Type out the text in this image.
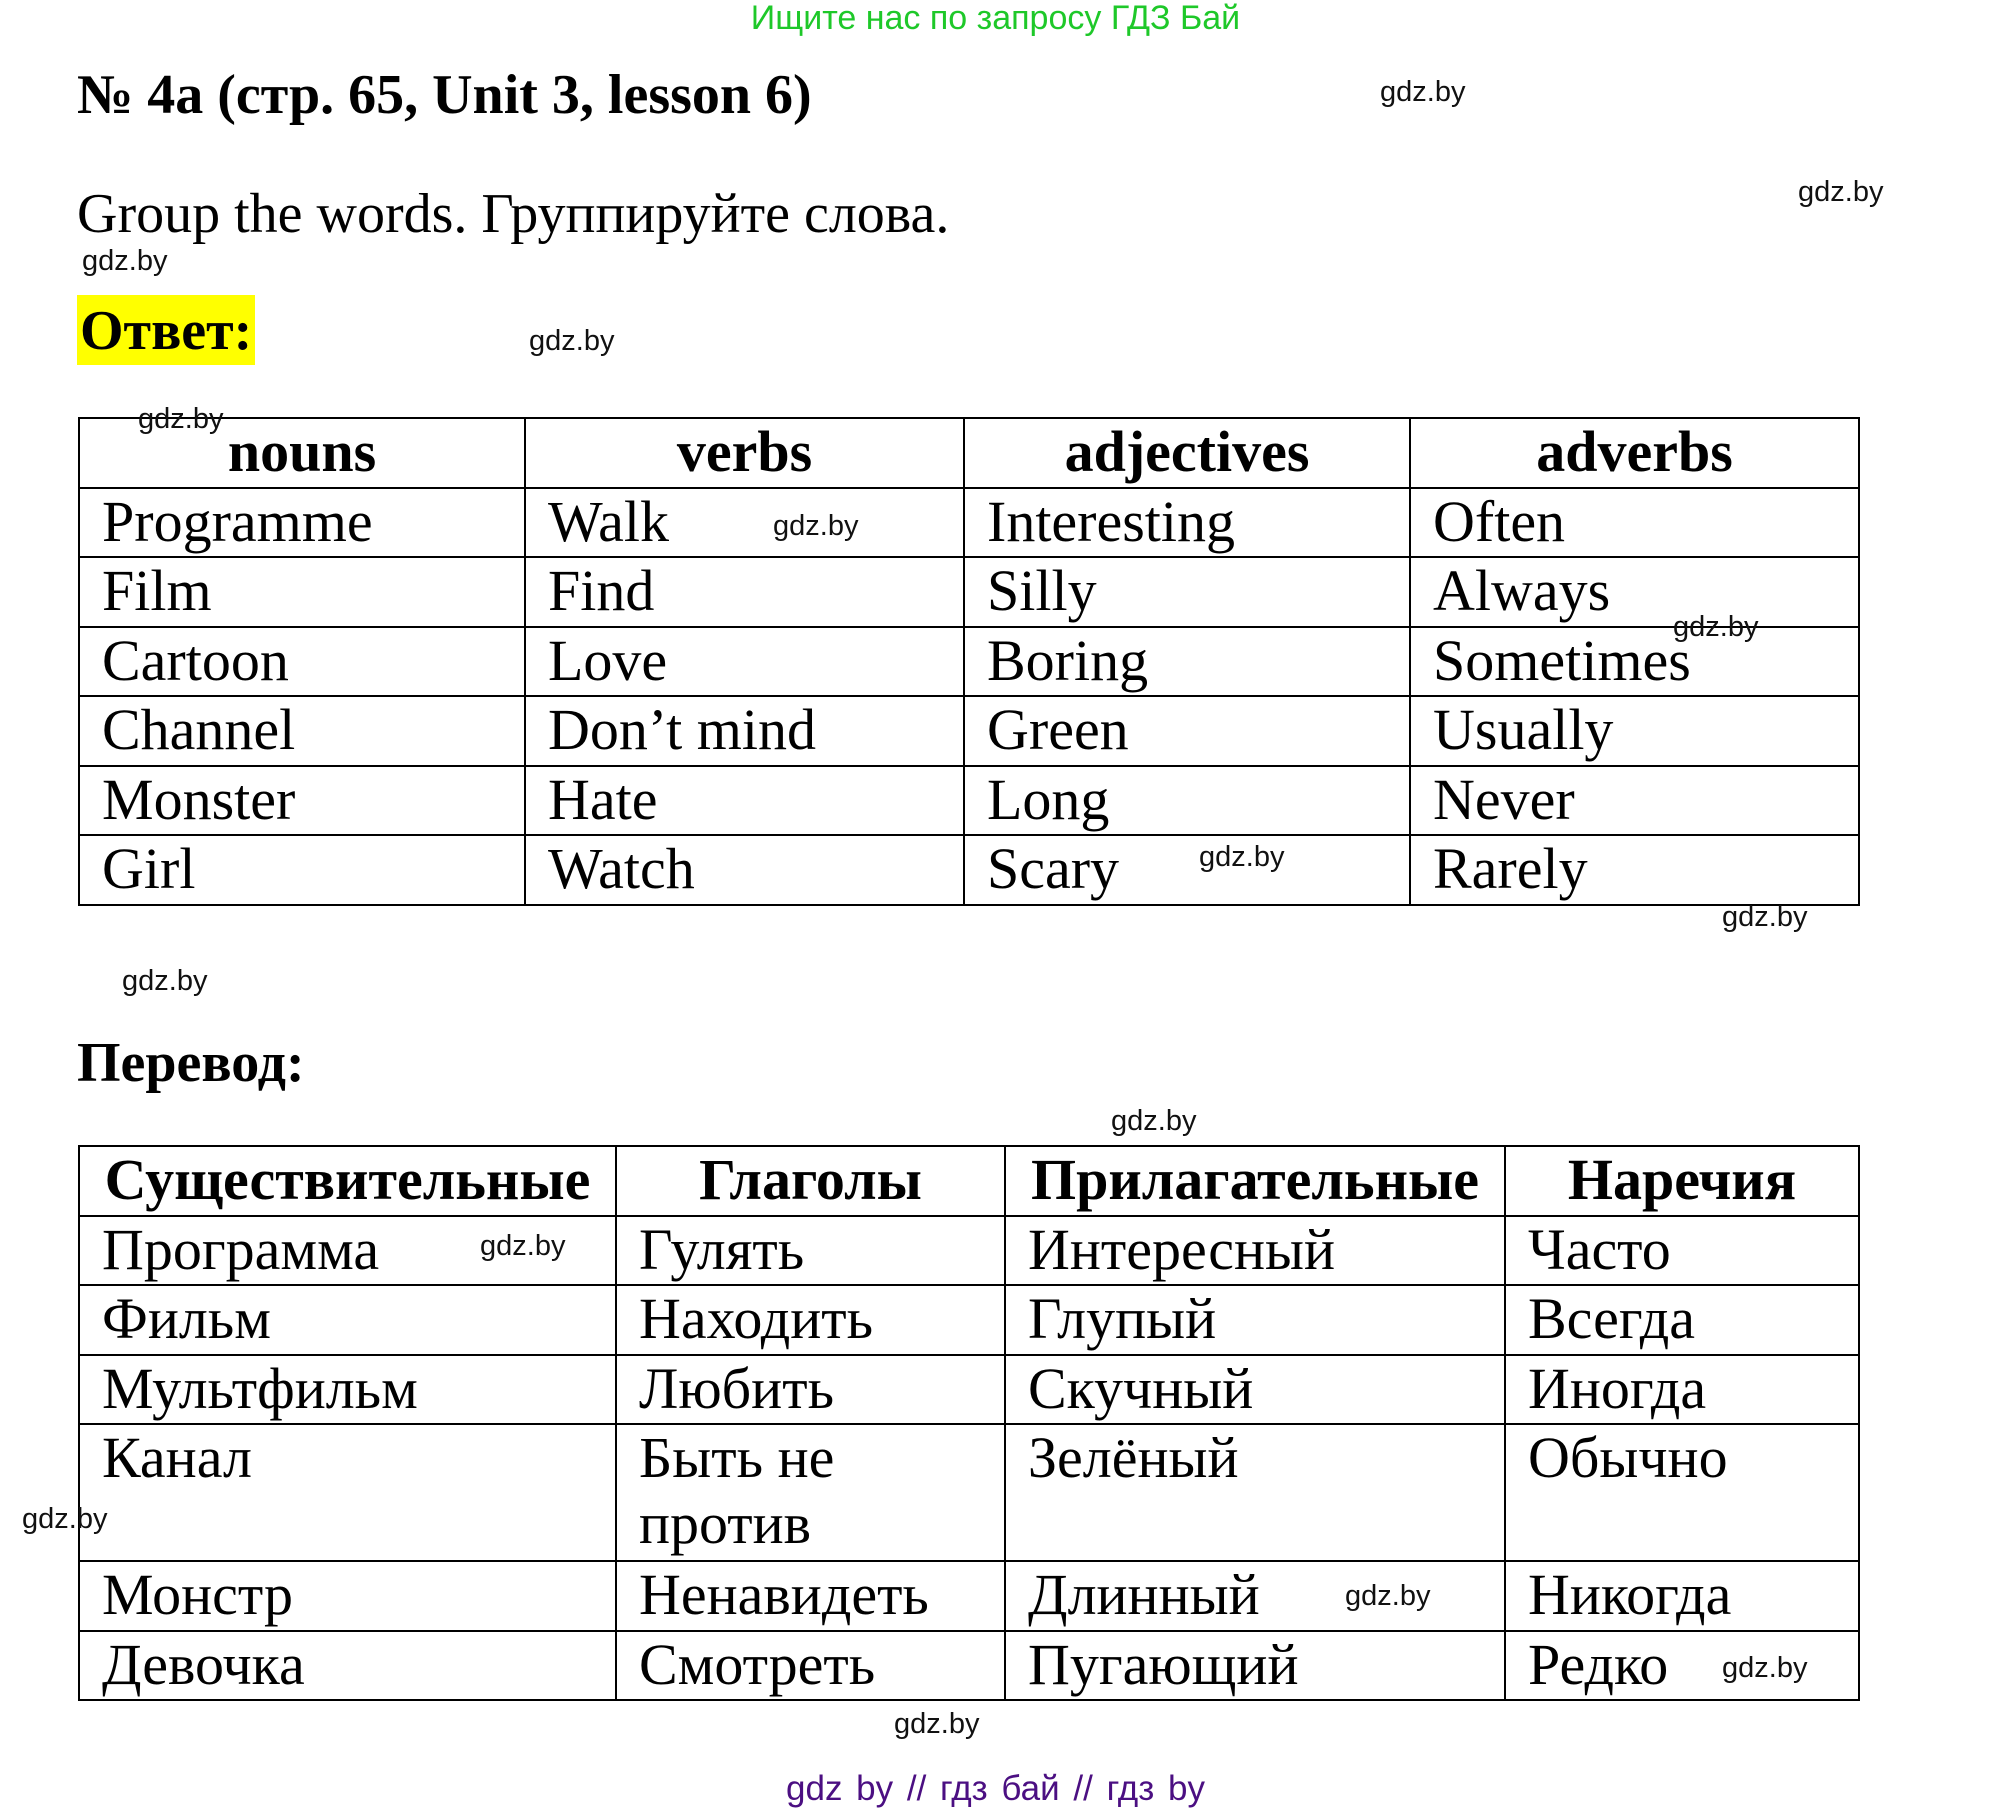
Ищите нас по запросу ГДЗ Бай
№ 4a (стр. 65, Unit 3, lesson 6)
Group the words. Группируйте слова.
Ответ:
nouns	verbs	adjectives	adverbs
Programme	Walk	Interesting	Often
Film	Find	Silly	Always
Cartoon	Love	Boring	Sometimes
Channel	Don’t mind	Green	Usually
Monster	Hate	Long	Never
Girl	Watch	Scary	Rarely
Перевод:
Существительные	Глаголы	Прилагательные	Наречия
Программа	Гулять	Интересный	Часто
Фильм	Находить	Глупый	Всегда
Мультфильм	Любить	Скучный	Иногда
Канал	Быть не против	Зелёный	Обычно
Монстр	Ненавидеть	Длинный	Никогда
Девочка	Смотреть	Пугающий	Редко
gdz.by
gdz.by
gdz.by
gdz.by
gdz.by
gdz.by
gdz.by
gdz.by
gdz.by
gdz.by
gdz.by
gdz.by
gdz.by
gdz.by
gdz.by
gdz.by
gdz by // гдз бай // гдз by
